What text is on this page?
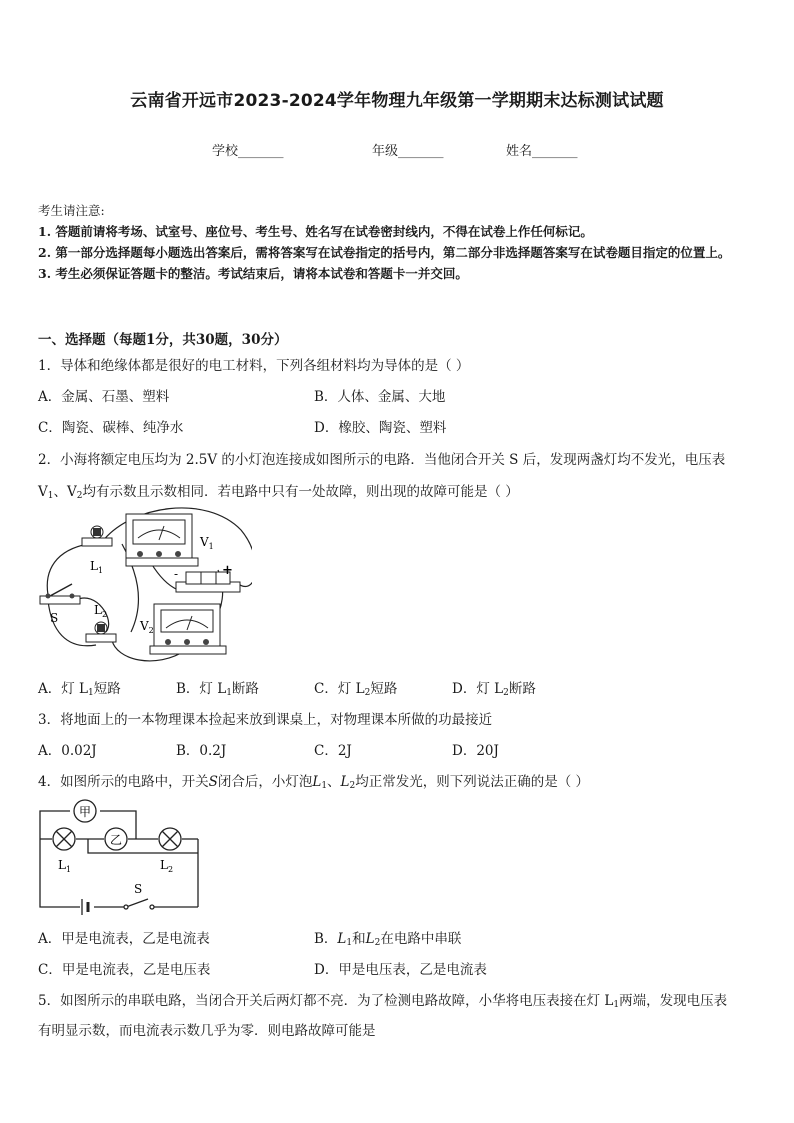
云南省开远市2023-2024学年物理九年级第一学期期末达标测试试题
学校_______	年级_______	姓名_______
考生请注意:
1. 答题前请将考场、试室号、座位号、考生号、姓名写在试卷密封线内，不得在试卷上作任何标记。
2. 第一部分选择题每小题选出答案后，需将答案写在试卷指定的括号内，第二部分非选择题答案写在试卷题目指定的位置上。
3. 考生必须保证答题卡的整洁。考试结束后，请将本试卷和答题卡一并交回。
一、选择题（每题1分，共30题，30分）
1．导体和绝缘体都是很好的电工材料，下列各组材料均为导体的是（ ）
A．金属、石墨、塑料	B．人体、金属、大地
C．陶瓷、碳棒、纯净水	D．橡胶、陶瓷、塑料
2．小海将额定电压均为 2.5V 的小灯泡连接成如图所示的电路．当他闭合开关 S 后，发现两盏灯均不发光，电压表
$V_1$、$V_2$均有示数且示数相同．若电路中只有一处故障，则出现的故障可能是（ ）
$L_1$
$V_1$
-	+
S
$L_2$
$V_2$
A．灯 $L_1$短路	B．灯 $L_1$断路	C．灯 $L_2$短路	D．灯 $L_2$断路
3．将地面上的一本物理课本捡起来放到课桌上，对物理课本所做的功最接近
A．0.02J	B．0.2J	C．2J	D．20J
4．如图所示的电路中，开关S闭合后，小灯泡$L_1$、$L_2$均正常发光，则下列说法正确的是（ ）
甲
乙
$L_1$	$L_2$
S
A．甲是电流表，乙是电流表	B．$L_1$和$L_2$在电路中串联
C．甲是电流表，乙是电压表	D．甲是电压表，乙是电流表
5．如图所示的串联电路，当闭合开关后两灯都不亮．为了检测电路故障，小华将电压表接在灯 $L_1$两端，发现电压表
有明显示数，而电流表示数几乎为零．则电路故障可能是
